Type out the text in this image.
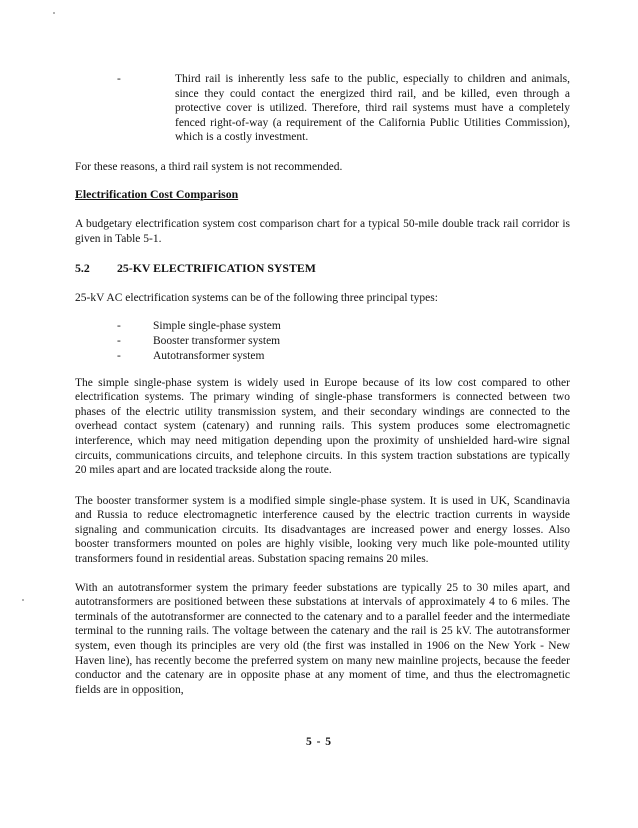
-	Third rail is inherently less safe to the public, especially to children and animals, since they could contact the energized third rail, and be killed, even through a protective cover is utilized. Therefore, third rail systems must have a completely fenced right-of-way (a requirement of the California Public Utilities Commission), which is a costly investment.

For these reasons, a third rail system is not recommended.

Electrification Cost Comparison

A budgetary electrification system cost comparison chart for a typical 50-mile double track rail corridor is given in Table 5-1.

5.2	25-KV ELECTRIFICATION SYSTEM

25-kV AC electrification systems can be of the following three principal types:

-	Simple single-phase system
-	Booster transformer system
-	Autotransformer system

The simple single-phase system is widely used in Europe because of its low cost compared to other electrification systems. The primary winding of single-phase transformers is connected between two phases of the electric utility transmission system, and their secondary windings are connected to the overhead contact system (catenary) and running rails. This system produces some electromagnetic interference, which may need mitigation depending upon the proximity of unshielded hard-wire signal circuits, communications circuits, and telephone circuits. In this system traction substations are typically 20 miles apart and are located trackside along the route.

The booster transformer system is a modified simple single-phase system. It is used in UK, Scandinavia and Russia to reduce electromagnetic interference caused by the electric traction currents in wayside signaling and communication circuits. Its disadvantages are increased power and energy losses. Also booster transformers mounted on poles are highly visible, looking very much like pole-mounted utility transformers found in residential areas. Substation spacing remains 20 miles.

With an autotransformer system the primary feeder substations are typically 25 to 30 miles apart, and autotransformers are positioned between these substations at intervals of approximately 4 to 6 miles. The terminals of the autotransformer are connected to the catenary and to a parallel feeder and the intermediate terminal to the running rails. The voltage between the catenary and the rail is 25 kV. The autotransformer system, even though its principles are very old (the first was installed in 1906 on the New York - New Haven line), has recently become the preferred system on many new mainline projects, because the feeder conductor and the catenary are in opposite phase at any moment of time, and thus the electromagnetic fields are in opposition,

5 - 5
